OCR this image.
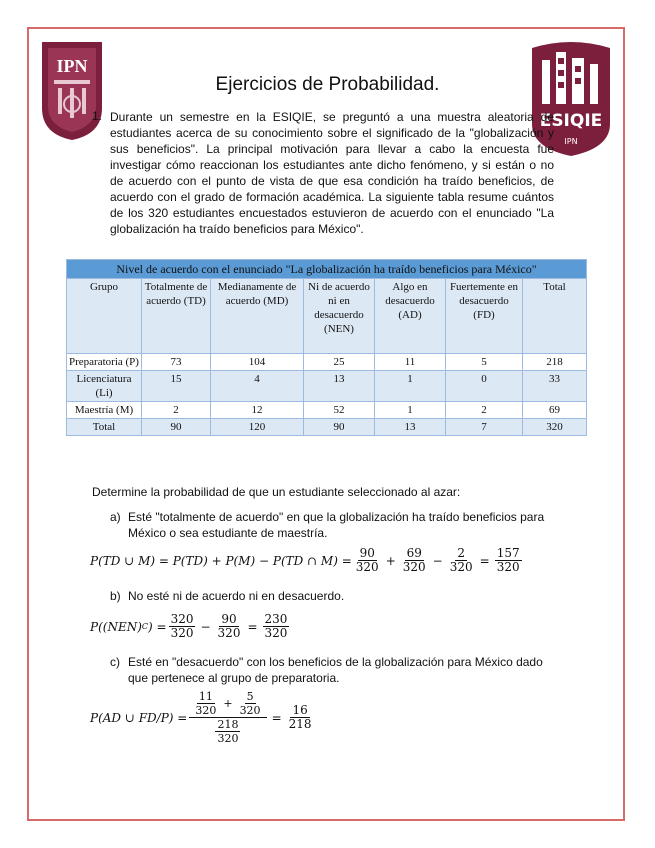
IPN
ESIQIE
IPN
Ejercicios de Probabilidad.
1. Durante un semestre en la ESIQIE, se preguntó a una muestra aleatoria de estudiantes acerca de su conocimiento sobre el significado de la "globalización y sus beneficios". La principal motivación para llevar a cabo la encuesta fue investigar cómo reaccionan los estudiantes ante dicho fenómeno, y si están o no de acuerdo con el punto de vista de que esa condición ha traído beneficios, de acuerdo con el grado de formación académica. La siguiente tabla resume cuántos de los 320 estudiantes encuestados estuvieron de acuerdo con el enunciado "La globalización ha traído beneficios para México".
Nivel de acuerdo con el enunciado "La globalización ha traído beneficios para México"						
Grupo	Totalmente de acuerdo (TD)	Medianamente de acuerdo (MD)	Ni de acuerdo ni en desacuerdo (NEN)	Algo en desacuerdo (AD)	Fuertemente en desacuerdo (FD)	Total
Preparatoria (P)	73	104	25	11	5	218
Licenciatura (Li)	15	4	13	1	0	33
Maestría (M)	2	12	52	1	2	69
Total	90	120	90	13	7	320
Determine la probabilidad de que un estudiante seleccionado al azar:
a) Esté "totalmente de acuerdo" en que la globalización ha traído beneficios para México o sea estudiante de maestría.
P(TD ∪ M) = P(TD) + P(M) − P(TD ∩ $M) = \frac{90}{320} + \frac{69}{320} - \frac{2}{320} = \frac{157}{320}$
b) No esté ni de acuerdo ni en desacuerdo.
P((NEN) C ) = $\frac{320}{320} - \frac{90}{320} = \frac{230}{320}$
c) Esté en "desacuerdo" con los beneficios de la globalización para México dado que pertenece al grupo de preparatoria.
P(AD ∪ $FD/P) = \frac{\frac{11}{320} + \frac{5}{320}}{\frac{218}{320}} = \frac{16}{218}$
